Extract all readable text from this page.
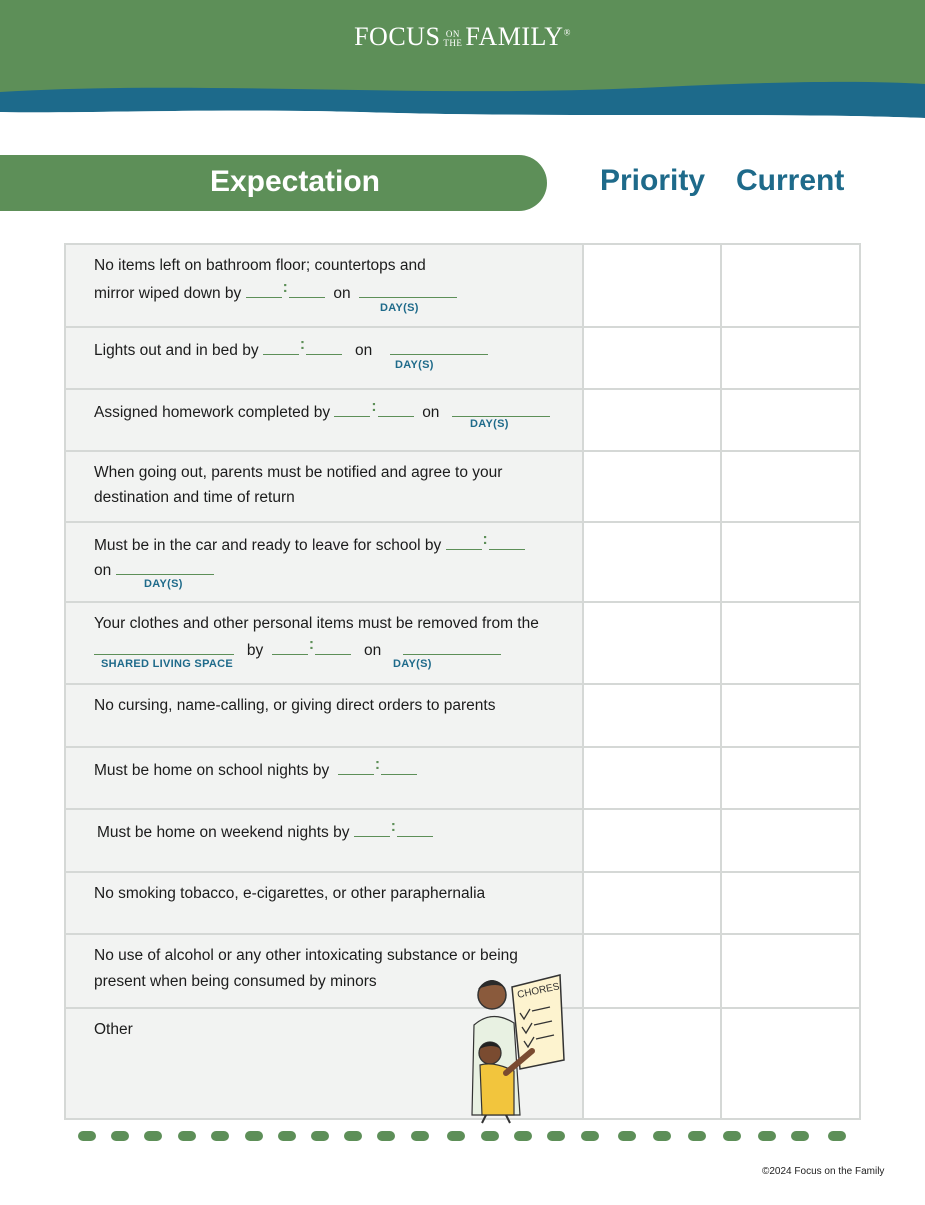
FOCUS ON
THE FAMILY®
Expectation	Priority Current
No items left on bathroom floor; countertops and
mirror wiped down by : on
DAY(S)		

Lights out and in bed by : on
DAY(S)		

Assigned homework completed by : on
DAY(S)		

When going out, parents must be notified and agree to your
destination and time of return		

Must be in the car and ready to leave for school by :
on
DAY(S)		

Your clothes and other personal items must be removed from the
by : on
SHARED LIVING SPACE DAY(S)		

No cursing, name-calling, or giving direct orders to parents		

Must be home on school nights by :		

Must be home on weekend nights by :		

No smoking tobacco, e-cigarettes, or other paraphernalia		

No use of alcohol or any other intoxicating substance or being
present when being consumed by minors		

Other		

CHORES
©2024 Focus on the Family
